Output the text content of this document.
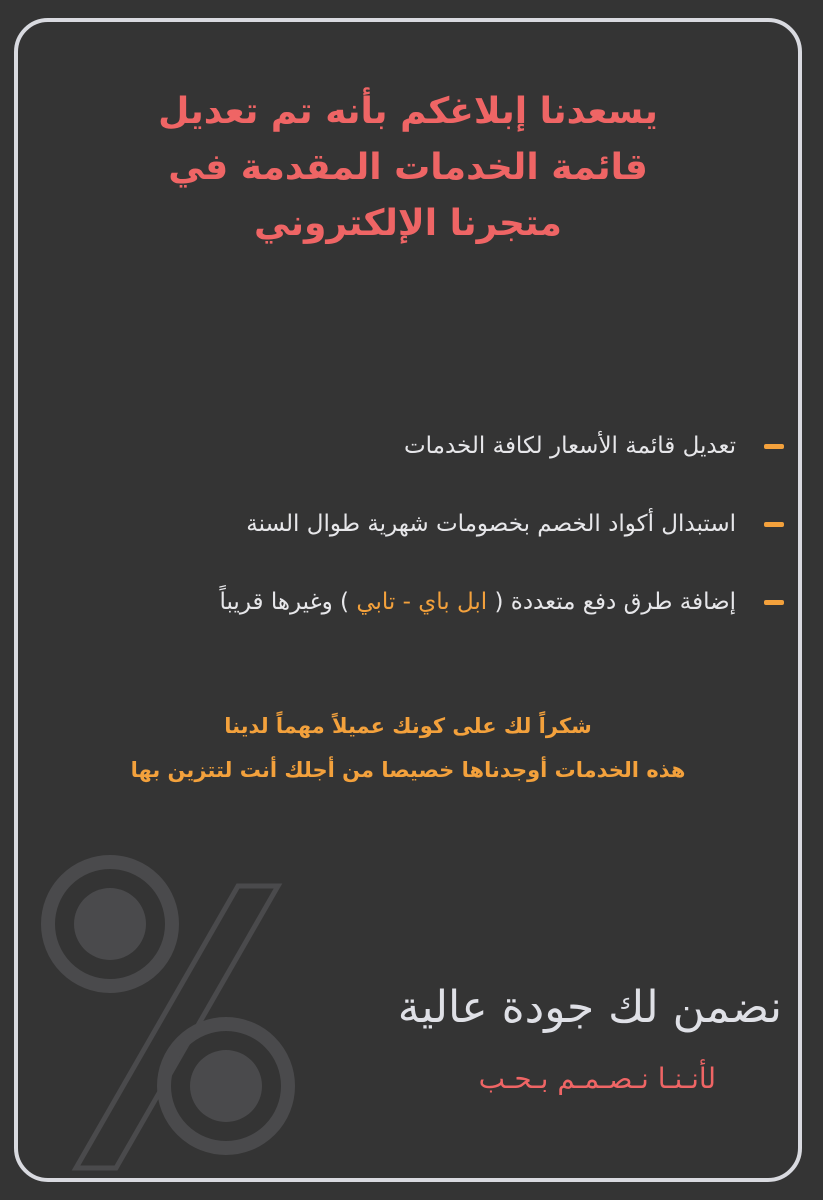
يسعدنا إبلاغكم بأنه تم تعديل
قائمة الخدمات المقدمة في
متجرنا الإلكتروني
تعديل قائمة الأسعار لكافة الخدمات
استبدال أكواد الخصم بخصومات شهرية طوال السنة
إضافة طرق دفع متعددة ( ابل باي - تابي ) وغيرها قريباً
شكراً لك على كونك عميلاً مهماً لدينا
هذه الخدمات أوجدناها خصيصا من أجلك أنت لتتزين بها
نضمن لك جودة عالية
لأنـنـا نـصـمـم بـحـب
